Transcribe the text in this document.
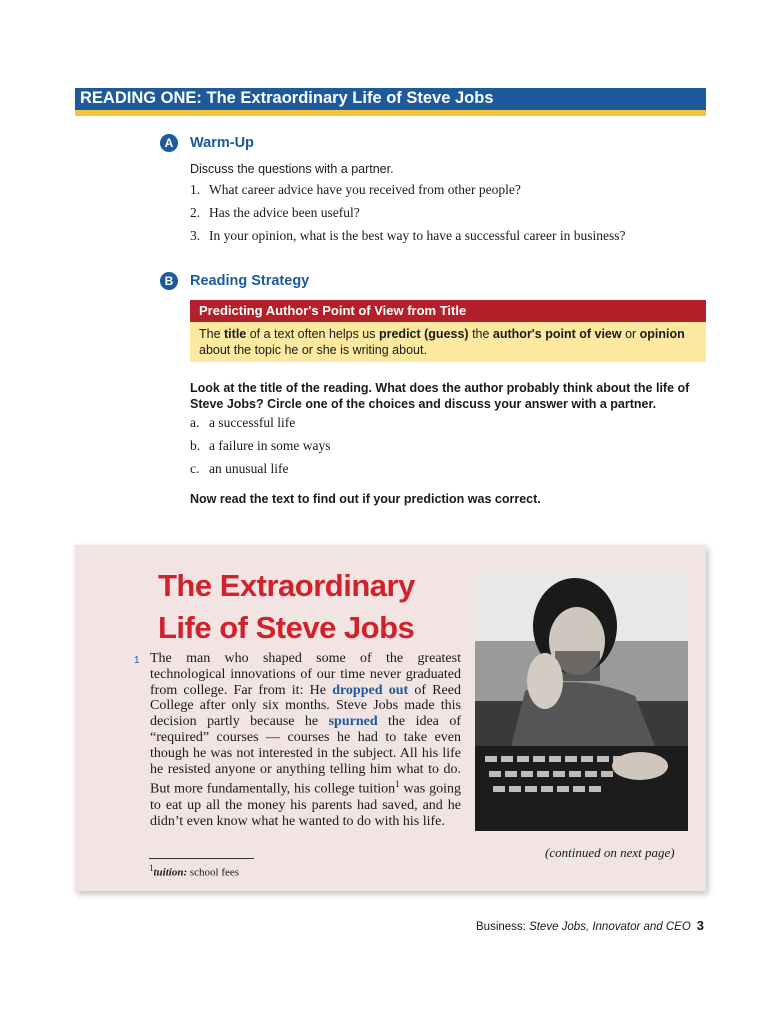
READING ONE: The Extraordinary Life of Steve Jobs
A	Warm-Up
Discuss the questions with a partner.
1. What career advice have you received from other people?
2. Has the advice been useful?
3. In your opinion, what is the best way to have a successful career in business?
B	Reading Strategy
Predicting Author's Point of View from Title
The title of a text often helps us predict (guess) the author's point of view or opinion about the topic he or she is writing about.
Look at the title of the reading. What does the author probably think about the life of Steve Jobs? Circle one of the choices and discuss your answer with a partner.
a. a successful life
b. a failure in some ways
c. an unusual life
Now read the text to find out if your prediction was correct.
The Extraordinary
Life of Steve Jobs
1 The man who shaped some of the greatest technological innovations of our time never graduated from college. Far from it: He dropped out of Reed College after only six months. Steve Jobs made this decision partly because he spurned the idea of “required” courses — courses he had to take even though he was not interested in the subject. All his life he resisted anyone or anything telling him what to do. But more fundamentally, his college tuition$^1$ was going to eat up all the money his parents had saved, and he didn’t even know what he wanted to do with his life.
(continued on next page)
$^1$tuition: school fees
Business: Steve Jobs, Innovator and CEO 3
